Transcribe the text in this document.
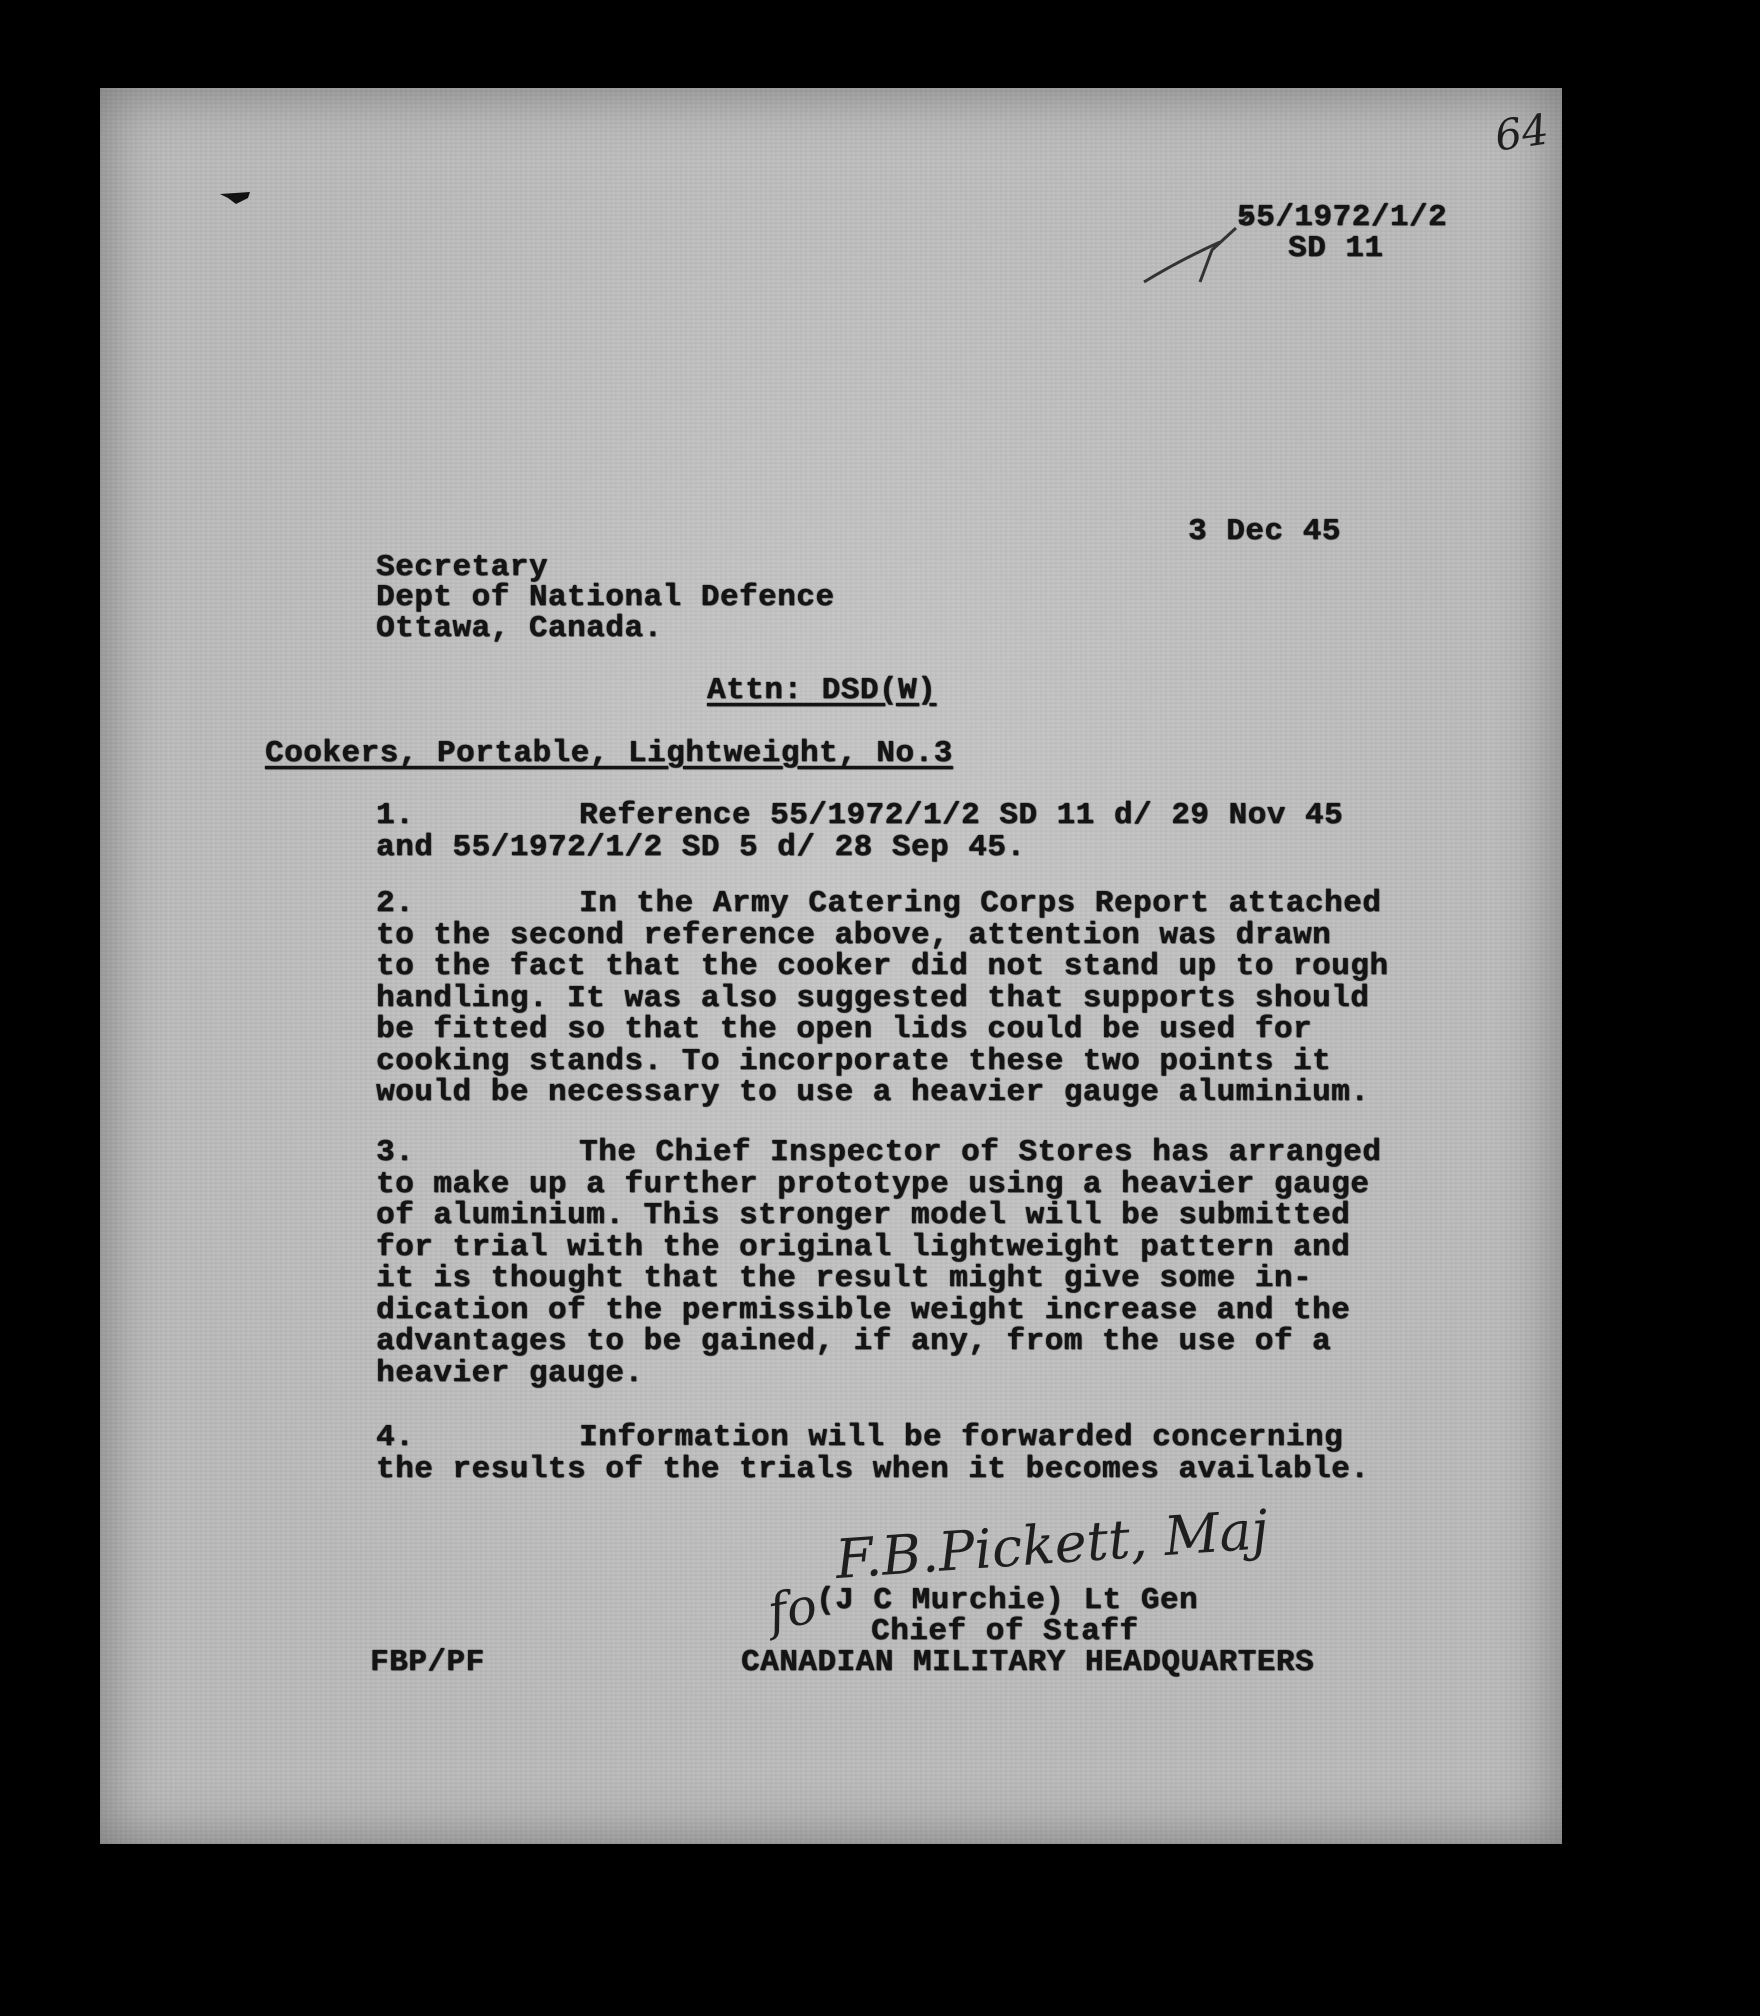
64
55/1972/1/2
SD 11
3 Dec 45
Secretary
Dept of National Defence
Ottawa, Canada.
Attn: DSD(W)
Cookers, Portable, Lightweight, No.3
1.	Reference 55/1972/1/2 SD 11 d/ 29 Nov 45
and 55/1972/1/2 SD 5 d/ 28 Sep 45.
2.	In the Army Catering Corps Report attached
to the second reference above, attention was drawn
to the fact that the cooker did not stand up to rough
handling. It was also suggested that supports should
be fitted so that the open lids could be used for
cooking stands. To incorporate these two points it
would be necessary to use a heavier gauge aluminium.
3.	The Chief Inspector of Stores has arranged
to make up a further prototype using a heavier gauge
of aluminium. This stronger model will be submitted
for trial with the original lightweight pattern and
it is thought that the result might give some in-
dication of the permissible weight increase and the
advantages to be gained, if any, from the use of a
heavier gauge.
4.	Information will be forwarded concerning
the results of the trials when it becomes available.
F.B.Pickett, Maj
fo
(J C Murchie) Lt Gen
Chief of Staff
CANADIAN MILITARY HEADQUARTERS
FBP/PF
